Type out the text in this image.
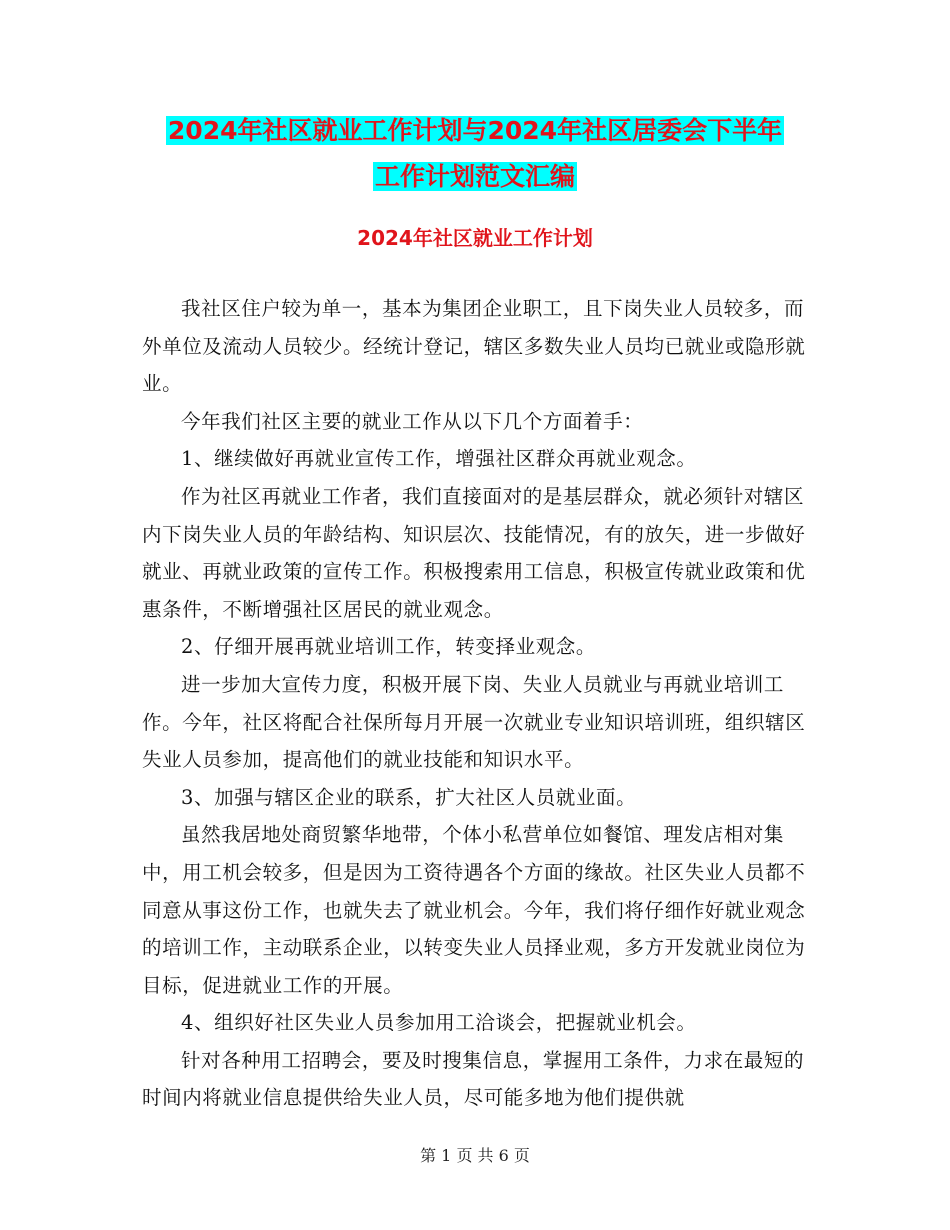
2024年社区就业工作计划与2024年社区居委会下半年
工作计划范文汇编
2024年社区就业工作计划

我社区住户较为单一，基本为集团企业职工，且下岗失业人员较多，而外单位及流动人员较少。经统计登记，辖区多数失业人员均已就业或隐形就业。

今年我们社区主要的就业工作从以下几个方面着手：

1、继续做好再就业宣传工作，增强社区群众再就业观念。

作为社区再就业工作者，我们直接面对的是基层群众，就必须针对辖区内下岗失业人员的年龄结构、知识层次、技能情况，有的放矢，进一步做好就业、再就业政策的宣传工作。积极搜索用工信息，积极宣传就业政策和优惠条件，不断增强社区居民的就业观念。

2、仔细开展再就业培训工作，转变择业观念。

进一步加大宣传力度，积极开展下岗、失业人员就业与再就业培训工作。今年，社区将配合社保所每月开展一次就业专业知识培训班，组织辖区失业人员参加，提高他们的就业技能和知识水平。

3、加强与辖区企业的联系，扩大社区人员就业面。

虽然我居地处商贸繁华地带，个体小私营单位如餐馆、理发店相对集中，用工机会较多，但是因为工资待遇各个方面的缘故。社区失业人员都不同意从事这份工作，也就失去了就业机会。今年，我们将仔细作好就业观念的培训工作，主动联系企业，以转变失业人员择业观，多方开发就业岗位为目标，促进就业工作的开展。

4、组织好社区失业人员参加用工洽谈会，把握就业机会。

针对各种用工招聘会，要及时搜集信息，掌握用工条件，力求在最短的时间内将就业信息提供给失业人员，尽可能多地为他们提供就

第 1 页 共 6 页
